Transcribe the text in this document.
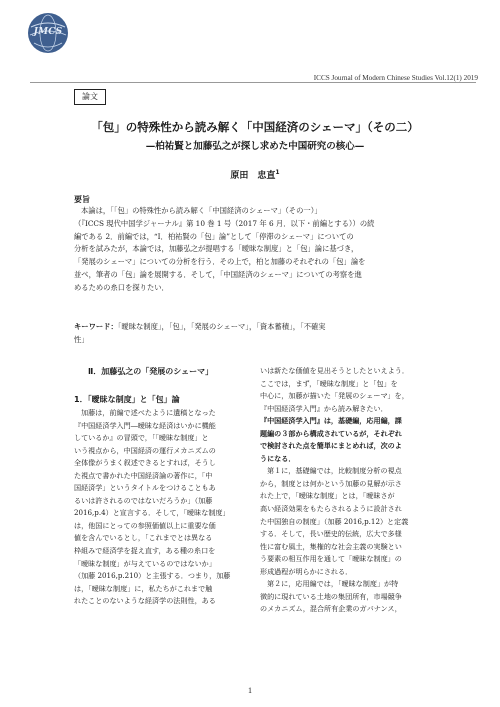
JMCS
ICCS Journal of Modern Chinese Studies Vol.12(1) 2019
論文
「包」の特殊性から読み解く「中国経済のシェーマ」（その二）
—柏祐賢と加藤弘之が探し求めた中国研究の核心—
原田　忠直$^1$
要旨
本論は，「「包」の特殊性から読み解く「中国経済のシェーマ」（その一）」
（『ICCS 現代中国学ジャーナル』第 10 巻 1 号（2017 年 6 月．以下・前編とする））の続
編である 2．前編では，“Ⅰ．柏祐賢の「包」論”として「停滞のシェーマ」についての
分析を試みたが，本論では，加藤弘之が提唱する「曖昧な制度」と「包」論に基づき，
「発展のシェーマ」についての分析を行う．その上で，柏と加藤のそれぞれの「包」論を
並べ，筆者の「包」論を展開する．そして，「中国経済のシェーマ」についての考察を進
めるための糸口を探りたい．
キーワード：「曖昧な制度」，「包」，「発展のシェーマ」，「資本蓄積」，「不確実
性」
Ⅱ．加藤弘之の「発展のシェーマ」
1．「曖昧な制度」と「包」論
加藤は，前編で述べたように遺稿となった
『中国経済学入門―曖昧な経済はいかに機能
しているか』の冒頭で，「「曖昧な制度」と
いう視点から，中国経済の運行メカニズムの
全体像がうまく叙述できるとすれば，そうし
た視点で書かれた中国経済論の著作に，「中
国経済学」というタイトルをつけることもあ
るいは許されるのではないだろうか」（加藤
2016,p.4）と宣言する．そして，「曖昧な制度」
は，他国にとっての参照価値以上に重要な価
値を含んでいるとし，「これまでとは異なる
枠組みで経済学を捉え直す，ある種の糸口を
「曖昧な制度」が与えているのではないか」
（加藤 2016,p.210）と主張する．つまり，加藤
は，「曖昧な制度」に，私たちがこれまで触
れたことのないような経済学の法則性，ある
いは新たな価値を見出そうとしたといえよう．
ここでは，まず，「曖昧な制度」と「包」を
中心に，加藤が描いた「発展のシェーマ」を，
『中国経済学入門』から読み解きたい．
『中国経済学入門』は，基礎編，応用編，課
題編の３部から構成されているが，それぞれ
で検討された点を簡単にまとめれば，次のよ
うになる．
第１に，基礎編では，比較制度分析の視点
から，制度とは何かという加藤の見解が示さ
れた上で，「曖昧な制度」とは，「曖昧さが
高い経済効果をもたらされるように設計され
た中国独自の制度」（加藤 2016,p.12）と定義
する．そして，長い歴史的伝統，広大で多様
性に富む風土，集権的な社会主義の実験とい
う要素の相互作用を通して「曖昧な制度」の
形成過程が明らかにされる．
第２に，応用編では，「曖昧な制度」が特
徴的に現れている土地の集団所有，市場競争
のメカニズム，混合所有企業のガバナンス，
1
